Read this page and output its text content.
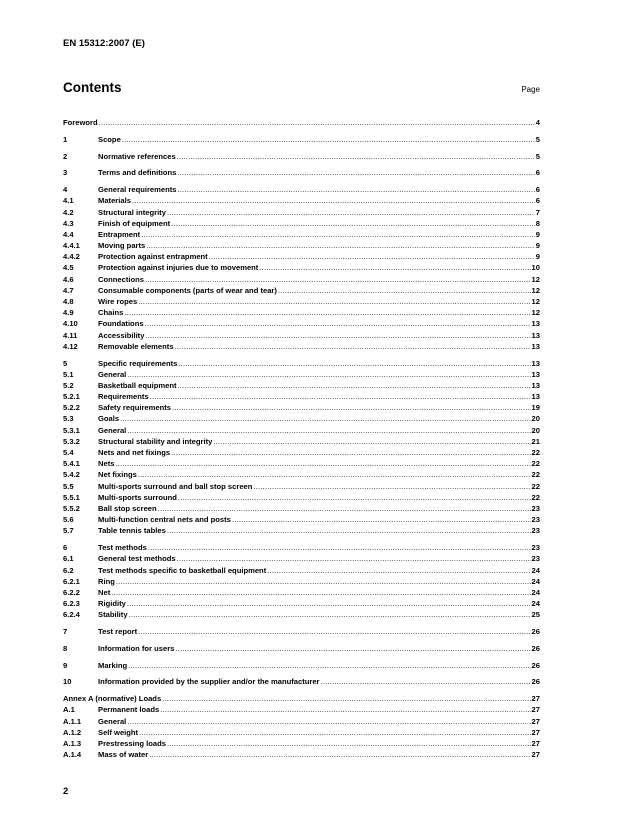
EN 15312:2007 (E)
Contents	Page
Foreword .....	4
1	Scope .....	5
2	Normative references .....	5
3	Terms and definitions .....	6
4	General requirements .....	6
4.1	Materials .....	6
4.2	Structural integrity .....	7
4.3	Finish of equipment .....	8
4.4	Entrapment .....	9
4.4.1	Moving parts .....	9
4.4.2	Protection against entrapment .....	9
4.5	Protection against injuries due to movement .....	10
4.6	Connections .....	12
4.7	Consumable components (parts of wear and tear) .....	12
4.8	Wire ropes .....	12
4.9	Chains .....	12
4.10	Foundations .....	13
4.11	Accessibility .....	13
4.12	Removable elements .....	13
5	Specific requirements .....	13
5.1	General .....	13
5.2	Basketball equipment .....	13
5.2.1	Requirements .....	13
5.2.2	Safety requirements .....	19
5.3	Goals .....	20
5.3.1	General .....	20
5.3.2	Structural stability and integrity .....	21
5.4	Nets and net fixings .....	22
5.4.1	Nets .....	22
5.4.2	Net fixings .....	22
5.5	Multi-sports surround and ball stop screen .....	22
5.5.1	Multi-sports surround .....	22
5.5.2	Ball stop screen .....	23
5.6	Multi-function central nets and posts .....	23
5.7	Table tennis tables .....	23
6	Test methods .....	23
6.1	General test methods .....	23
6.2	Test methods specific to basketball equipment .....	24
6.2.1	Ring .....	24
6.2.2	Net .....	24
6.2.3	Rigidity .....	24
6.2.4	Stability .....	25
7	Test report .....	26
8	Information for users .....	26
9	Marking .....	26
10	Information provided by the supplier and/or the manufacturer .....	26
Annex A (normative) Loads .....	27
A.1	Permanent loads .....	27
A.1.1	General .....	27
A.1.2	Self weight .....	27
A.1.3	Prestressing loads .....	27
A.1.4	Mass of water .....	27
2
